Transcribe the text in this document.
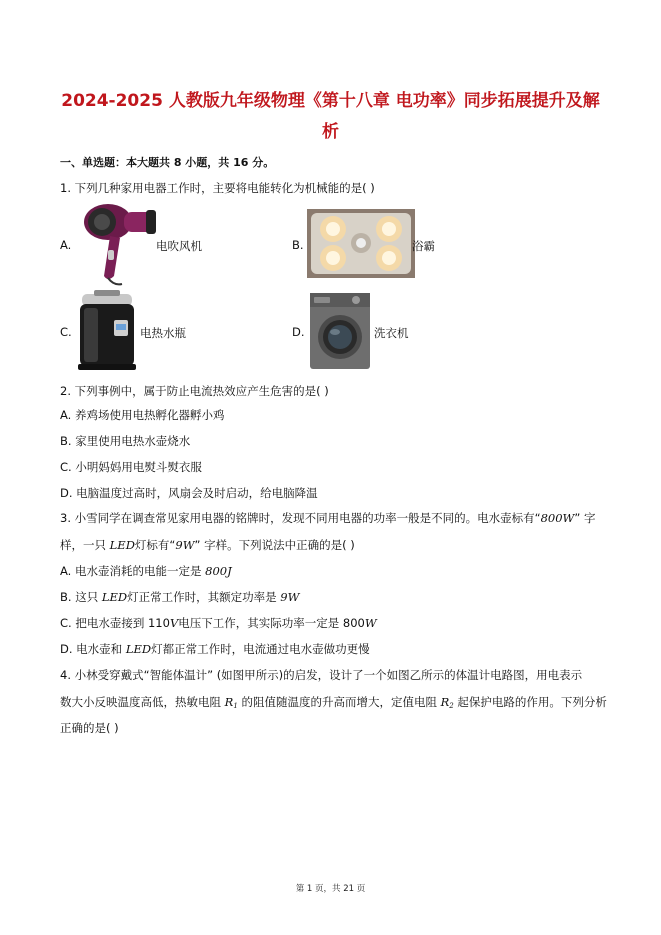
2024-2025 人教版九年级物理《第十八章 电功率》同步拓展提升及解
析
一、单选题：本大题共 8 小题，共 16 分。
1. 下列几种家用电器工作时，主要将电能转化为机械能的是( )
A.	电吹风机	B.	浴霸
C.	电热水瓶	D.	洗衣机
2. 下列事例中，属于防止电流热效应产生危害的是( )
A. 养鸡场使用电热孵化器孵小鸡
B. 家里使用电热水壶烧水
C. 小明妈妈用电熨斗熨衣服
D. 电脑温度过高时，风扇会及时启动，给电脑降温
3. 小雪同学在调查常见家用电器的铭牌时，发现不同用电器的功率一般是不同的。电水壶标有“800W” 字
样，一只 LED灯标有“9W” 字样。下列说法中正确的是( )
A. 电水壶消耗的电能一定是 800J
B. 这只 LED灯正常工作时，其额定功率是 9W
C. 把电水壶接到 110V电压下工作，其实际功率一定是 800W
D. 电水壶和 LED灯都正常工作时，电流通过电水壶做功更慢
4. 小林受穿戴式“智能体温计” (如图甲所示)的启发，设计了一个如图乙所示的体温计电路图，用电表示
数大小反映温度高低，热敏电阻 $R_1$ 的阻值随温度的升高而增大，定值电阻 $R_2$ 起保护电路的作用。下列分析
正确的是( )
第 1 页，共 21 页
